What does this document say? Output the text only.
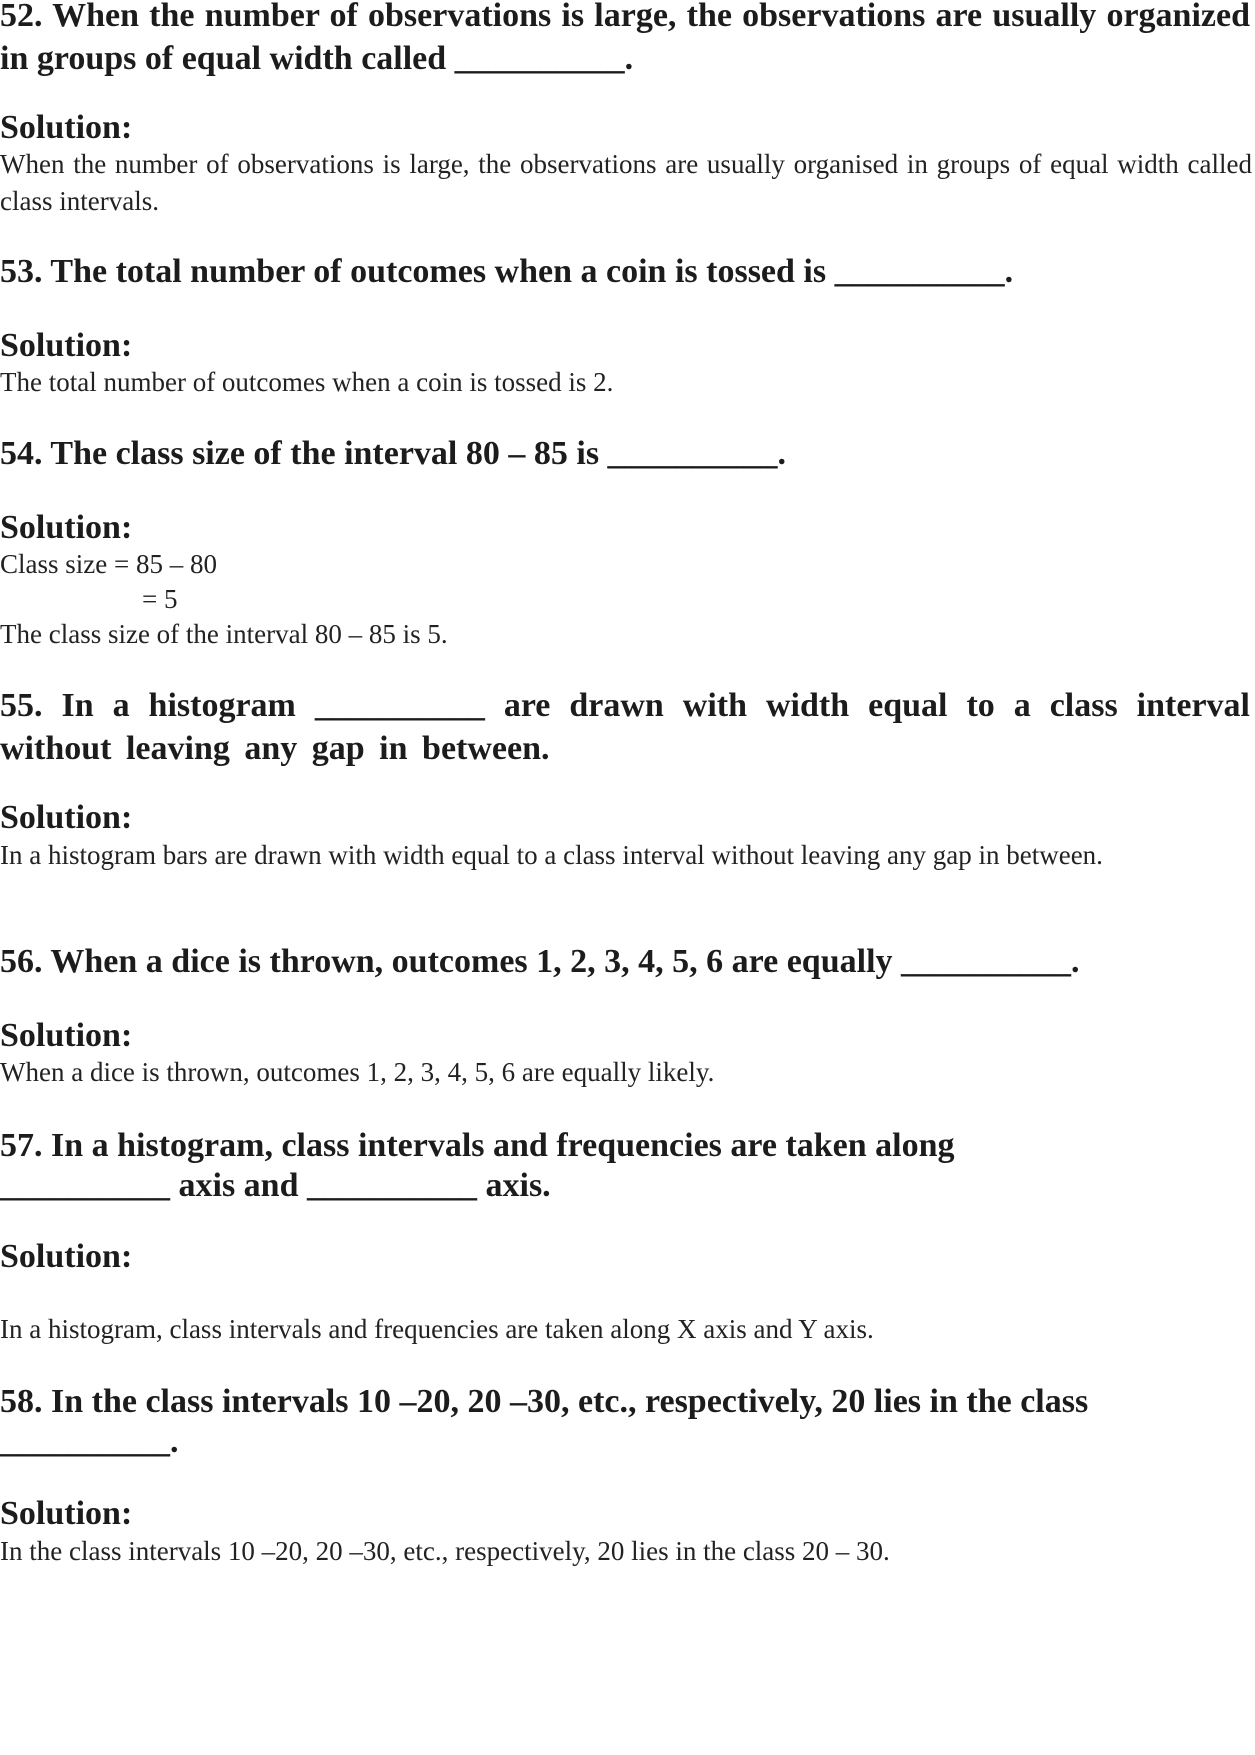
52. When the number of observations is large, the observations are usually organized in groups of equal width called __________.
Solution:
When the number of observations is large, the observations are usually organised in groups of equal width called class intervals.
53. The total number of outcomes when a coin is tossed is __________.
Solution:
The total number of outcomes when a coin is tossed is 2.
54. The class size of the interval 80 – 85 is __________.
Solution:
Class size = 85 – 80
= 5
The class size of the interval 80 – 85 is 5.
55. In a histogram __________ are drawn with width equal to a class interval without leaving any gap in between.
Solution:
In a histogram bars are drawn with width equal to a class interval without leaving any gap in between.
56. When a dice is thrown, outcomes 1, 2, 3, 4, 5, 6 are equally __________.
Solution:
When a dice is thrown, outcomes 1, 2, 3, 4, 5, 6 are equally likely.
57. In a histogram, class intervals and frequencies are taken along
__________ axis and __________ axis.
Solution:
In a histogram, class intervals and frequencies are taken along X axis and Y axis.
58. In the class intervals 10 –20, 20 –30, etc., respectively, 20 lies in the class
__________.
Solution:
In the class intervals 10 –20, 20 –30, etc., respectively, 20 lies in the class 20 – 30.
